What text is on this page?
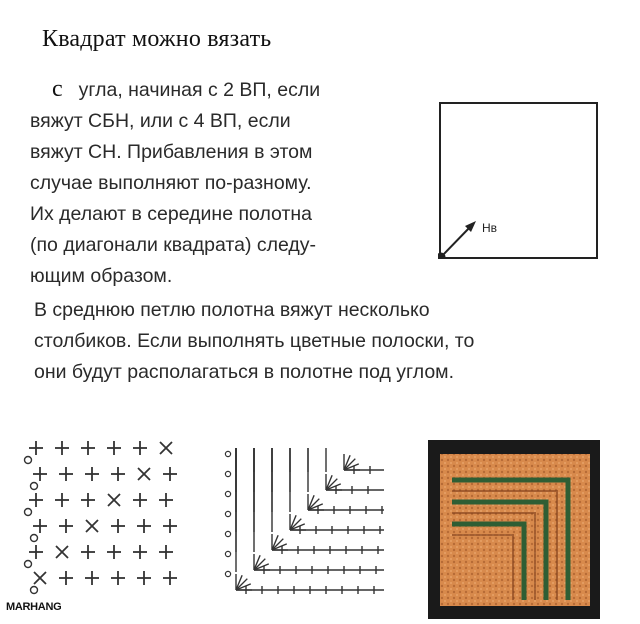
Квадрат можно вязать
с угла, начиная с 2 ВП, если
вяжут СБН, или с 4 ВП, если
вяжут СН. Прибавления в этом
случае выполняют по-разному.
Их делают в середине полотна
(по диагонали квадрата) следу-
ющим образом.
В среднюю петлю полотна вяжут несколько
столбиков. Если выполнять цветные полоски, то
они будут располагаться в полотне под углом.
Нв
MARHANG
